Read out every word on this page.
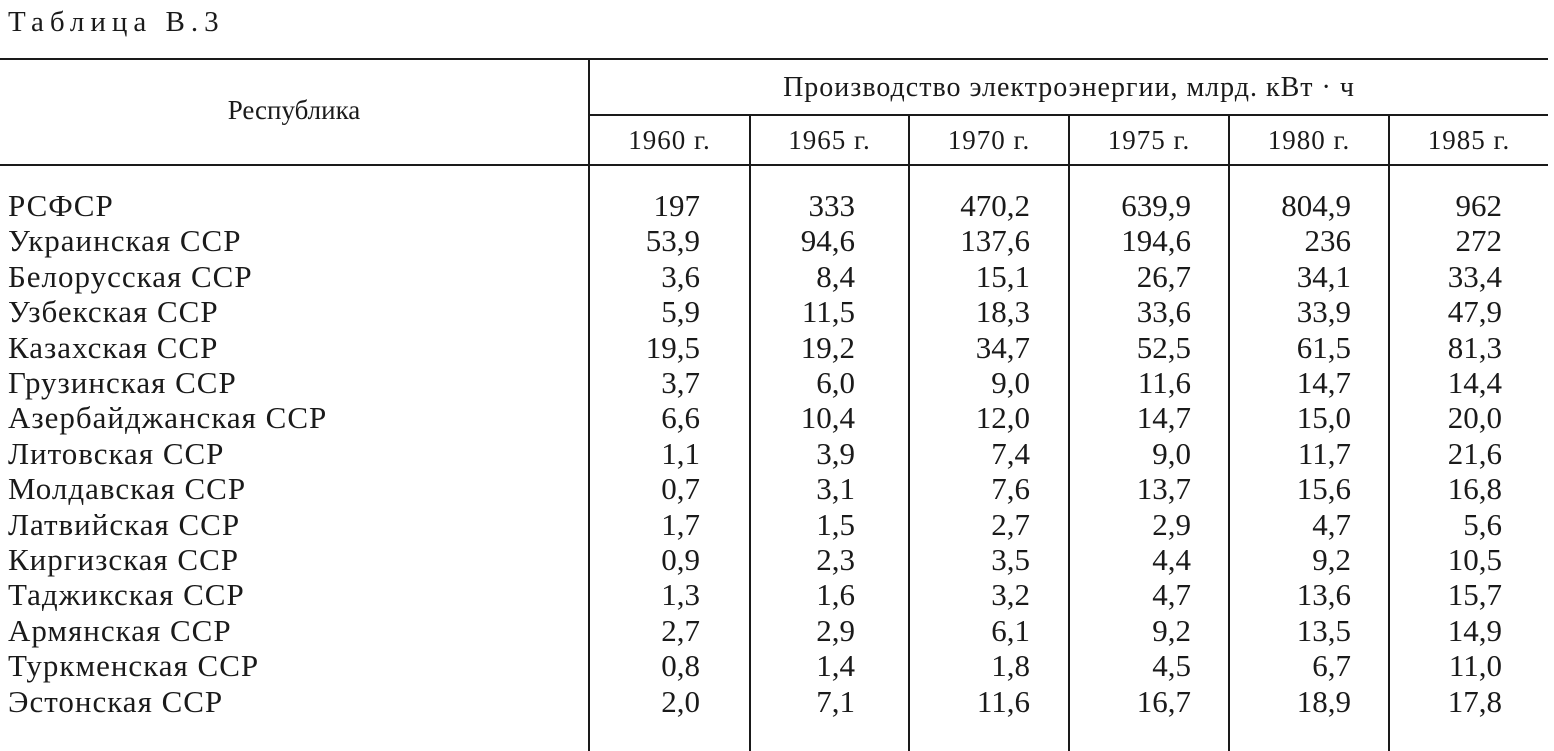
Таблица В.3
Республика
Производство электроэнергии, млрд. кВт · ч
1960 г.	1965 г.	1970 г.	1975 г.	1980 г.	1985 г.
РСФСР	197	333	470,2	639,9	804,9	962
Украинская ССР	53,9	94,6	137,6	194,6	236	272
Белорусская ССР	3,6	8,4	15,1	26,7	34,1	33,4
Узбекская ССР	5,9	11,5	18,3	33,6	33,9	47,9
Казахская ССР	19,5	19,2	34,7	52,5	61,5	81,3
Грузинская ССР	3,7	6,0	9,0	11,6	14,7	14,4
Азербайджанская ССР	6,6	10,4	12,0	14,7	15,0	20,0
Литовская ССР	1,1	3,9	7,4	9,0	11,7	21,6
Молдавская ССР	0,7	3,1	7,6	13,7	15,6	16,8
Латвийская ССР	1,7	1,5	2,7	2,9	4,7	5,6
Киргизская ССР	0,9	2,3	3,5	4,4	9,2	10,5
Таджикская ССР	1,3	1,6	3,2	4,7	13,6	15,7
Армянская ССР	2,7	2,9	6,1	9,2	13,5	14,9
Туркменская ССР	0,8	1,4	1,8	4,5	6,7	11,0
Эстонская ССР	2,0	7,1	11,6	16,7	18,9	17,8
